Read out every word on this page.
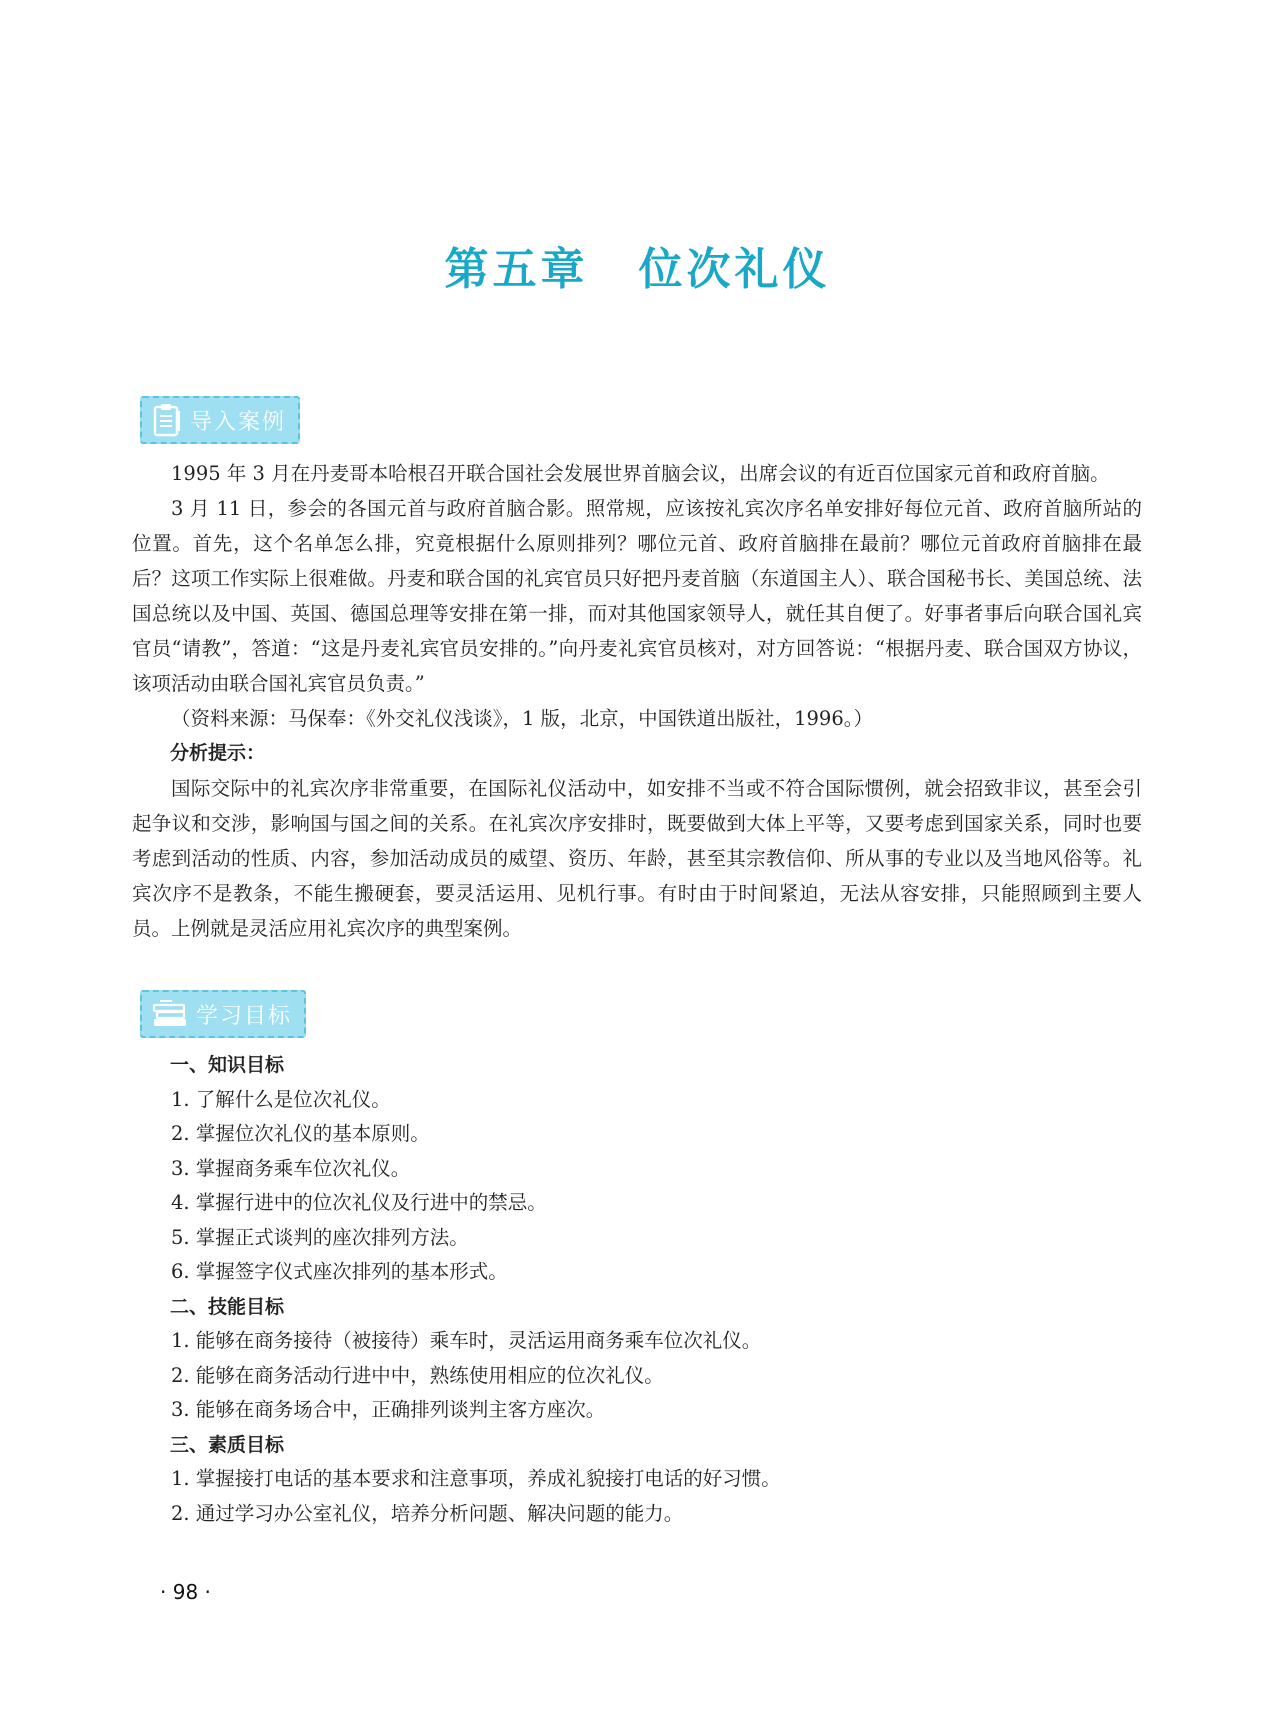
第五章 位次礼仪
导入案例

1995 年 3 月在丹麦哥本哈根召开联合国社会发展世界首脑会议，出席会议的有近百位国家元首和政府首脑。

3 月 11 日，参会的各国元首与政府首脑合影。照常规，应该按礼宾次序名单安排好每位元首、政府首脑所站的位置。首先，这个名单怎么排，究竟根据什么原则排列？哪位元首、政府首脑排在最前？哪位元首政府首脑排在最后？这项工作实际上很难做。丹麦和联合国的礼宾官员只好把丹麦首脑（东道国主人）、联合国秘书长、美国总统、法国总统以及中国、英国、德国总理等安排在第一排，而对其他国家领导人，就任其自便了。好事者事后向联合国礼宾官员“请教”，答道：“这是丹麦礼宾官员安排的。”向丹麦礼宾官员核对，对方回答说：“根据丹麦、联合国双方协议，该项活动由联合国礼宾官员负责。”

（资料来源：马保奉：《外交礼仪浅谈》，1 版，北京，中国铁道出版社，1996。）

分析提示：

国际交际中的礼宾次序非常重要，在国际礼仪活动中，如安排不当或不符合国际惯例，就会招致非议，甚至会引起争议和交涉，影响国与国之间的关系。在礼宾次序安排时，既要做到大体上平等，又要考虑到国家关系，同时也要考虑到活动的性质、内容，参加活动成员的威望、资历、年龄，甚至其宗教信仰、所从事的专业以及当地风俗等。礼宾次序不是教条，不能生搬硬套，要灵活运用、见机行事。有时由于时间紧迫，无法从容安排，只能照顾到主要人员。上例就是灵活应用礼宾次序的典型案例。

学习目标
一、知识目标
1. 了解什么是位次礼仪。
2. 掌握位次礼仪的基本原则。
3. 掌握商务乘车位次礼仪。
4. 掌握行进中的位次礼仪及行进中的禁忌。
5. 掌握正式谈判的座次排列方法。
6. 掌握签字仪式座次排列的基本形式。
二、技能目标
1. 能够在商务接待（被接待）乘车时，灵活运用商务乘车位次礼仪。
2. 能够在商务活动行进中中，熟练使用相应的位次礼仪。
3. 能够在商务场合中，正确排列谈判主客方座次。
三、素质目标
1. 掌握接打电话的基本要求和注意事项，养成礼貌接打电话的好习惯。
2. 通过学习办公室礼仪，培养分析问题、解决问题的能力。
· 98 ·
